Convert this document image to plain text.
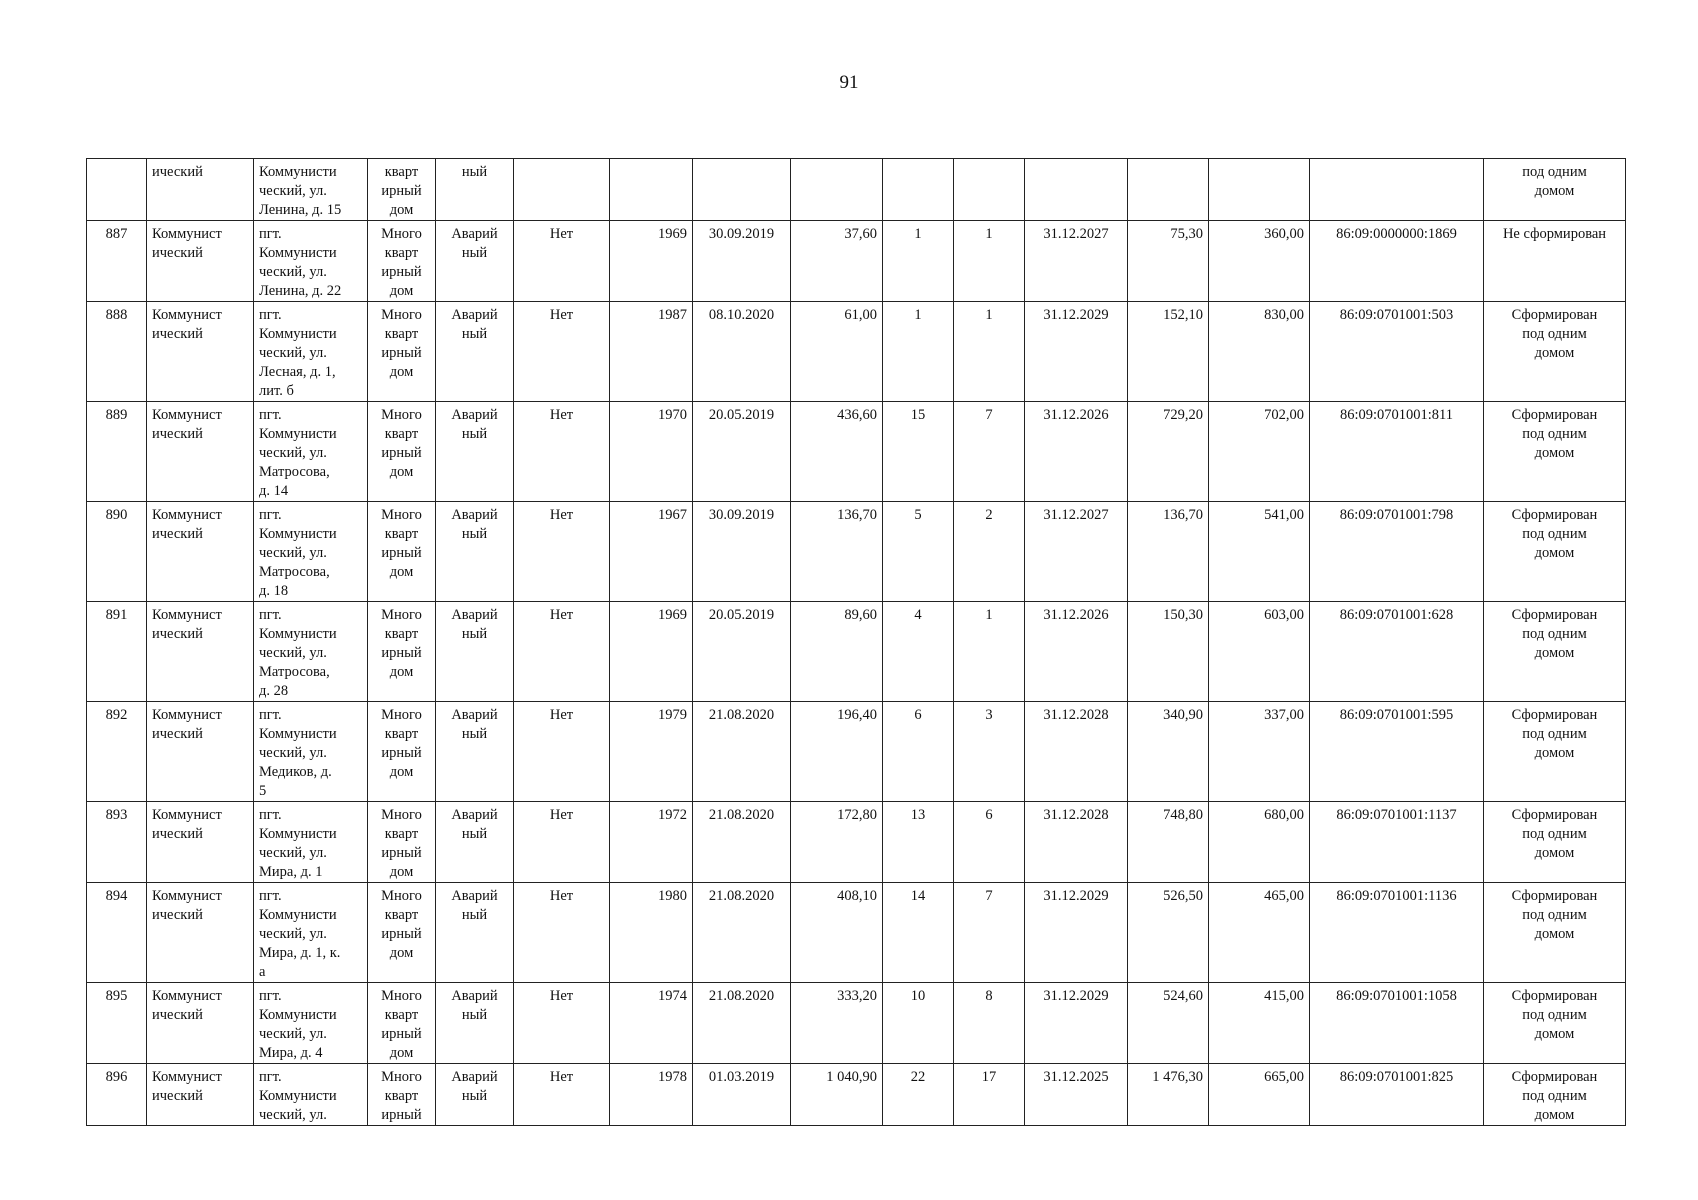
91
	ический	Коммунисти
ческий, ул.
Ленина, д. 15	кварт
ирный
дом	ный											под одним
домом
887	Коммунист
ический	пгт.
Коммунисти
ческий, ул.
Ленина, д. 22	Много
кварт
ирный
дом	Аварий
ный	Нет	1969	30.09.2019	37,60	1	1	31.12.2027	75,30	360,00	86:09:0000000:1869	Не сформирован
888	Коммунист
ический	пгт.
Коммунисти
ческий, ул.
Лесная, д. 1,
лит. б	Много
кварт
ирный
дом	Аварий
ный	Нет	1987	08.10.2020	61,00	1	1	31.12.2029	152,10	830,00	86:09:0701001:503	Сформирован
под одним
домом
889	Коммунист
ический	пгт.
Коммунисти
ческий, ул.
Матросова,
д. 14	Много
кварт
ирный
дом	Аварий
ный	Нет	1970	20.05.2019	436,60	15	7	31.12.2026	729,20	702,00	86:09:0701001:811	Сформирован
под одним
домом
890	Коммунист
ический	пгт.
Коммунисти
ческий, ул.
Матросова,
д. 18	Много
кварт
ирный
дом	Аварий
ный	Нет	1967	30.09.2019	136,70	5	2	31.12.2027	136,70	541,00	86:09:0701001:798	Сформирован
под одним
домом
891	Коммунист
ический	пгт.
Коммунисти
ческий, ул.
Матросова,
д. 28	Много
кварт
ирный
дом	Аварий
ный	Нет	1969	20.05.2019	89,60	4	1	31.12.2026	150,30	603,00	86:09:0701001:628	Сформирован
под одним
домом
892	Коммунист
ический	пгт.
Коммунисти
ческий, ул.
Медиков, д.
5	Много
кварт
ирный
дом	Аварий
ный	Нет	1979	21.08.2020	196,40	6	3	31.12.2028	340,90	337,00	86:09:0701001:595	Сформирован
под одним
домом
893	Коммунист
ический	пгт.
Коммунисти
ческий, ул.
Мира, д. 1	Много
кварт
ирный
дом	Аварий
ный	Нет	1972	21.08.2020	172,80	13	6	31.12.2028	748,80	680,00	86:09:0701001:1137	Сформирован
под одним
домом
894	Коммунист
ический	пгт.
Коммунисти
ческий, ул.
Мира, д. 1, к.
а	Много
кварт
ирный
дом	Аварий
ный	Нет	1980	21.08.2020	408,10	14	7	31.12.2029	526,50	465,00	86:09:0701001:1136	Сформирован
под одним
домом
895	Коммунист
ический	пгт.
Коммунисти
ческий, ул.
Мира, д. 4	Много
кварт
ирный
дом	Аварий
ный	Нет	1974	21.08.2020	333,20	10	8	31.12.2029	524,60	415,00	86:09:0701001:1058	Сформирован
под одним
домом
896	Коммунист
ический	пгт.
Коммунисти
ческий, ул.	Много
кварт
ирный	Аварий
ный	Нет	1978	01.03.2019	1 040,90	22	17	31.12.2025	1 476,30	665,00	86:09:0701001:825	Сформирован
под одним
домом
